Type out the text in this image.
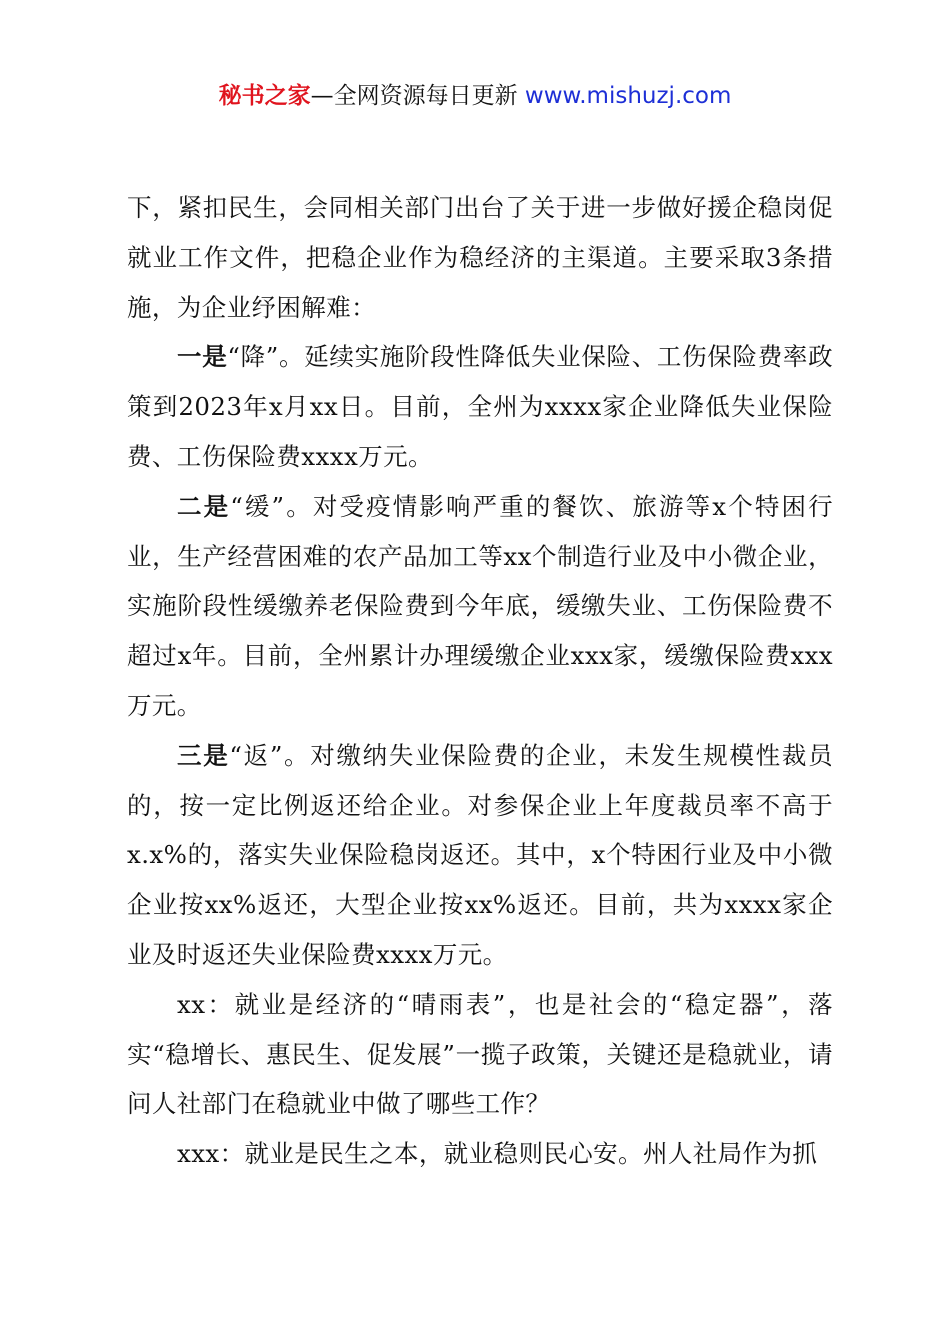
秘书之家—全网资源每日更新 www.mishuzj.com

下，紧扣民生，会同相关部门出台了关于进一步做好援企稳岗促就业工作文件，把稳企业作为稳经济的主渠道。主要采取3条措施，为企业纾困解难：

一是“降”。延续实施阶段性降低失业保险、工伤保险费率政策到2023年x月xx日。目前，全州为xxxx家企业降低失业保险费、工伤保险费xxxx万元。

二是“缓”。对受疫情影响严重的餐饮、旅游等x个特困行业，生产经营困难的农产品加工等xx个制造行业及中小微企业，实施阶段性缓缴养老保险费到今年底，缓缴失业、工伤保险费不超过x年。目前，全州累计办理缓缴企业xxx家，缓缴保险费xxx万元。

三是“返”。对缴纳失业保险费的企业，未发生规模性裁员的，按一定比例返还给企业。对参保企业上年度裁员率不高于x.x%的，落实失业保险稳岗返还。其中，x个特困行业及中小微企业按xx%返还，大型企业按xx%返还。目前，共为xxxx家企业及时返还失业保险费xxxx万元。

xx：就业是经济的“晴雨表”，也是社会的“稳定器”，落实“稳增长、惠民生、促发展”一揽子政策，关键还是稳就业，请问人社部门在稳就业中做了哪些工作？

xxx：就业是民生之本，就业稳则民心安。州人社局作为抓
